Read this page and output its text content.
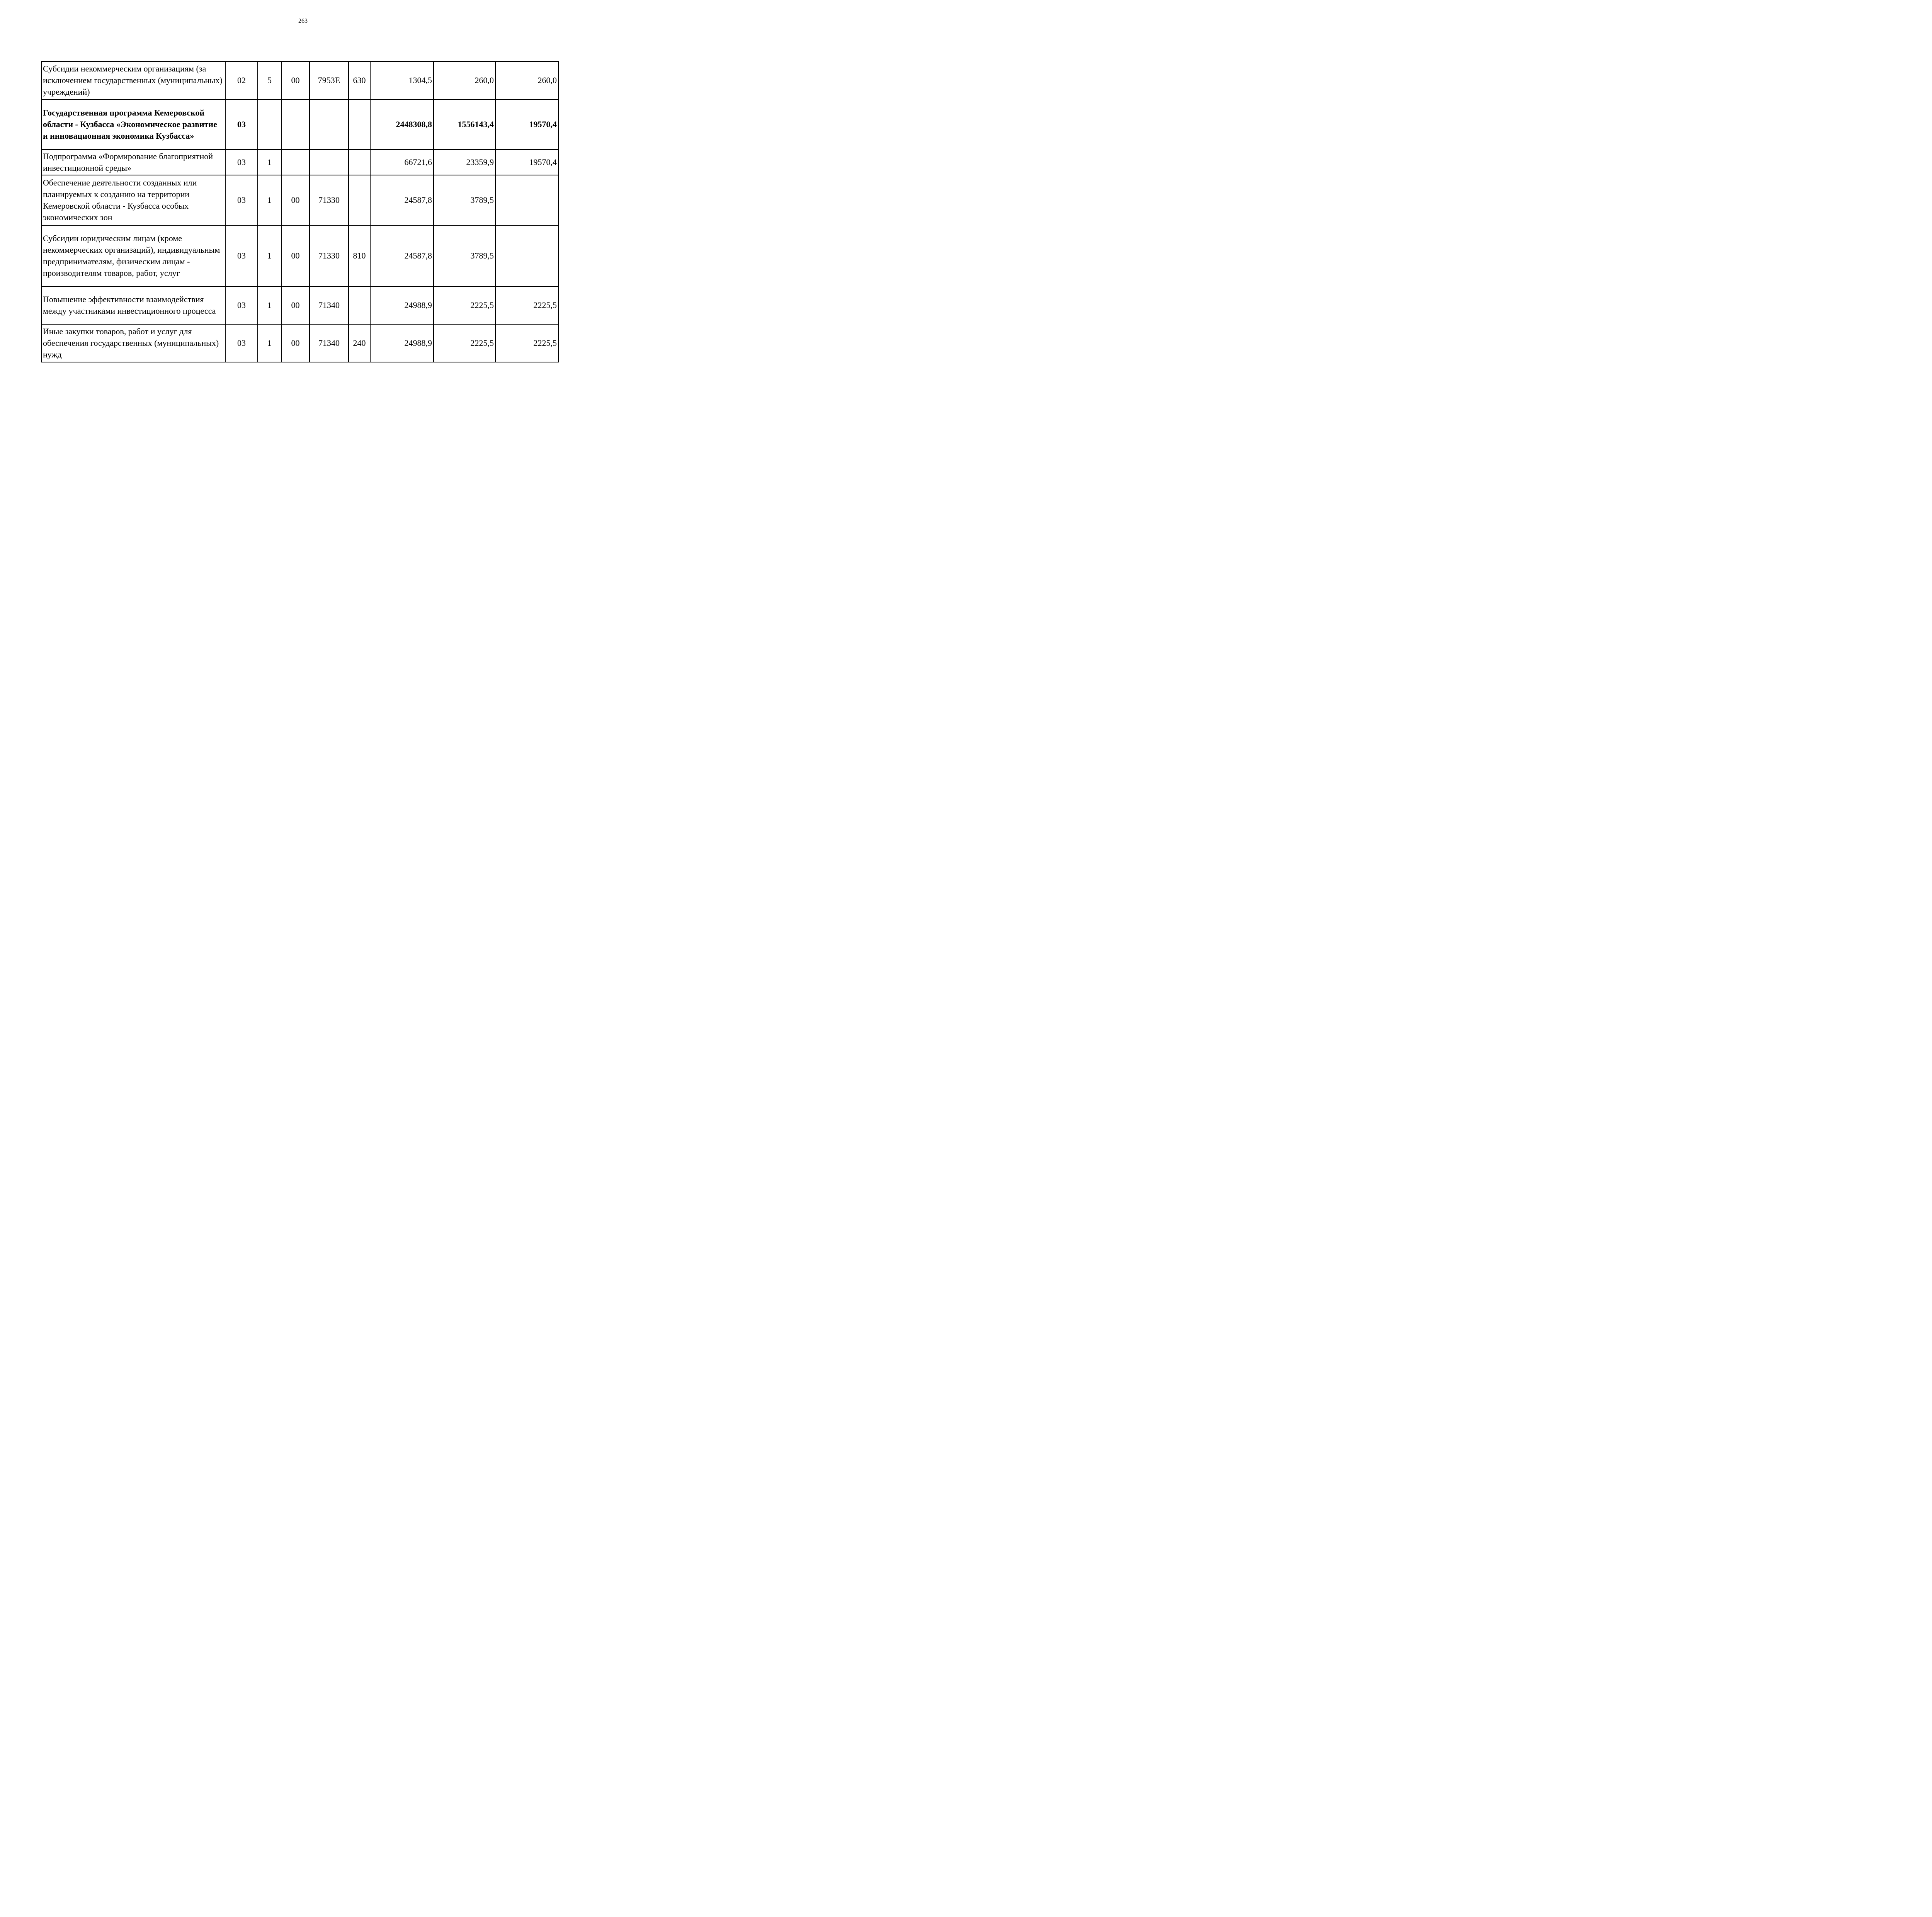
263
Субсидии некоммерческим организациям (за исключением государственных (муниципальных) учреждений)	02	5	00	7953E	630	1304,5	260,0	260,0
Государственная программа Кемеровской области - Кузбасса «Экономическое развитие и инновационная экономика Кузбасса»	03					2448308,8	1556143,4	19570,4
Подпрограмма «Формирование благоприятной инвестиционной среды»	03	1				66721,6	23359,9	19570,4
Обеспечение деятельности созданных или планируемых к созданию на территории Кемеровской области - Кузбасса особых экономических зон	03	1	00	71330		24587,8	3789,5	
Субсидии юридическим лицам (кроме некоммерческих организаций), индивидуальным предпринимателям, физическим лицам - производителям товаров, работ, услуг	03	1	00	71330	810	24587,8	3789,5	
Повышение эффективности взаимодействия между участниками инвестиционного процесса	03	1	00	71340		24988,9	2225,5	2225,5
Иные закупки товаров, работ и услуг для обеспечения государственных (муниципальных) нужд	03	1	00	71340	240	24988,9	2225,5	2225,5
